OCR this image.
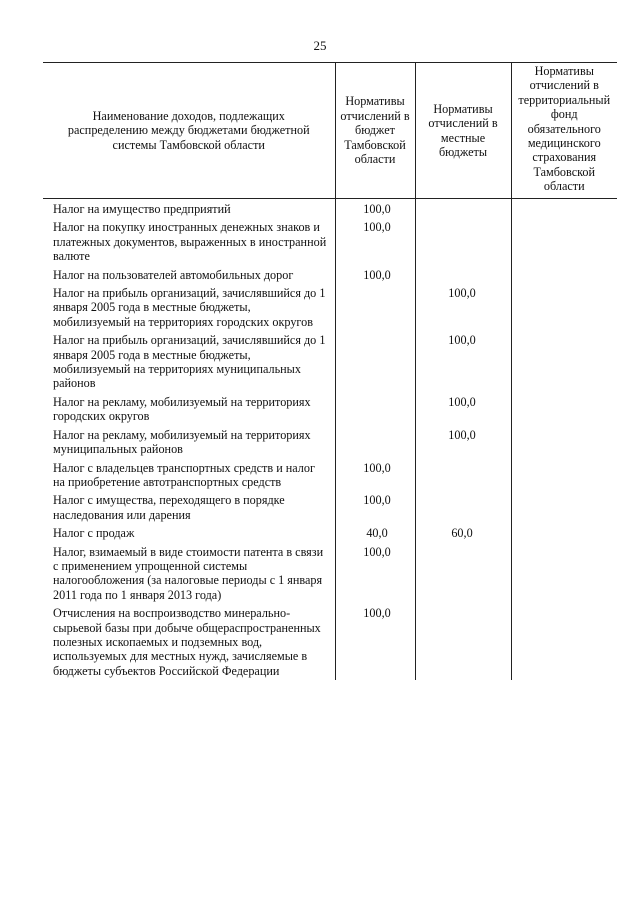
25
Наименование доходов, подлежащих распределению между бюджетами бюджетной системы Тамбовской области	Нормативы отчислений в бюджет Тамбовской области	Нормативы отчислений в местные бюджеты	Нормативы отчислений в территориальный фонд обязательного медицинского страхования Тамбовской области
Налог на имущество предприятий	100,0		
Налог на покупку иностранных денежных знаков и платежных документов, выраженных в иностранной валюте	100,0		
Налог на пользователей автомобильных дорог	100,0		
Налог на прибыль организаций, зачислявшийся до 1 января 2005 года в местные бюджеты, мобилизуемый на территориях городских округов		100,0	
Налог на прибыль организаций, зачислявшийся до 1 января 2005 года в местные бюджеты, мобилизуемый на территориях муниципальных районов		100,0	
Налог на рекламу, мобилизуемый на территориях городских округов		100,0	
Налог на рекламу, мобилизуемый на территориях муниципальных районов		100,0	
Налог с владельцев транспортных средств и налог на приобретение автотранспортных средств	100,0		
Налог с имущества, переходящего в порядке наследования или дарения	100,0		
Налог с продаж	40,0	60,0	
Налог, взимаемый в виде стоимости патента в связи с применением упрощенной системы налогообложения (за налоговые периоды с 1 января 2011 года по 1 января 2013 года)	100,0		
Отчисления на воспроизводство минерально-сырьевой базы при добыче общераспространенных полезных ископаемых и подземных вод, используемых для местных нужд, зачисляемые в бюджеты субъектов Российской Федерации	100,0		
